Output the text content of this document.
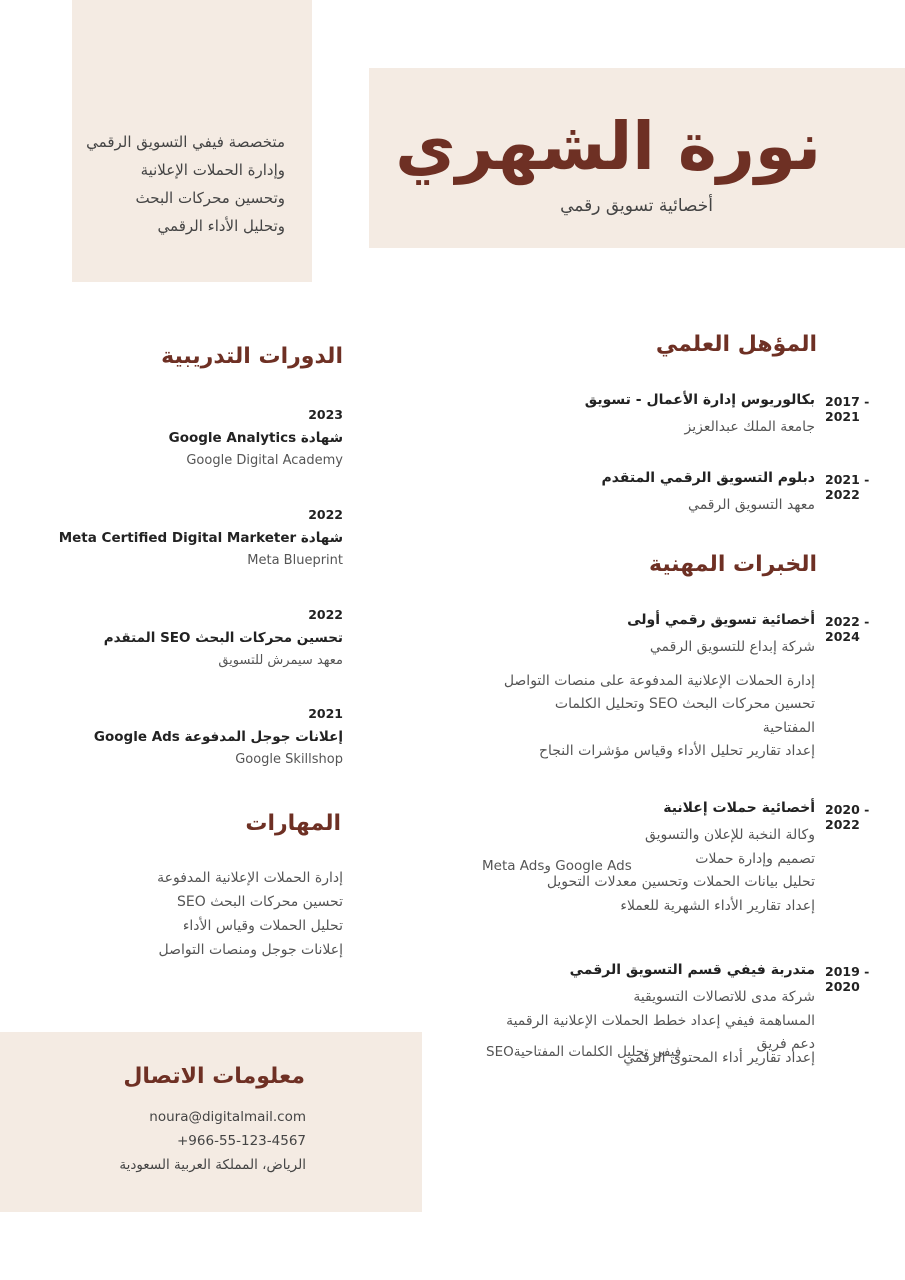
نورة الشهري
أخصائية تسويق رقمي
متخصصة فيفي التسويق الرقمي
وإدارة الحملات الإعلانية
وتحسين محركات البحث
وتحليل الأداء الرقمي
المؤهل العلمي
2017 - 2021
بكالوريوس إدارة الأعمال - تسويق
جامعة الملك عبدالعزيز
2021 - 2022
دبلوم التسويق الرقمي المتقدم
معهد التسويق الرقمي
الخبرات المهنية
2022 - 2024
أخصائية تسويق رقمي أولى
شركة إبداع للتسويق الرقمي
إدارة الحملات الإعلانية المدفوعة على منصات التواصل
تحسين محركات البحث SEO وتحليل الكلمات
المفتاحية
إعداد تقارير تحليل الأداء وقياس مؤشرات النجاح
2020 - 2022
أخصائية حملات إعلانية
وكالة النخبة للإعلان والتسويق
تصميم وإدارة حملات
تحليل بيانات الحملات وتحسين معدلات التحويل
إعداد تقارير الأداء الشهرية للعملاء
Meta Adsو Google Ads
2019 - 2020
متدربة فيفي قسم التسويق الرقمي
شركة مدى للاتصالات التسويقية
المساهمة فيفي إعداد خطط الحملات الإعلانية الرقمية
دعم فريق
إعداد تقارير أداء المحتوى الرقمي
SEOفيفي تحليل الكلمات المفتاحية
الدورات التدريبية
2023
شهادة Google Analytics
Google Digital Academy
2022
شهادة Meta Certified Digital Marketer
Meta Blueprint
2022
تحسين محركات البحث SEO المتقدم
معهد سيمرش للتسويق
2021
إعلانات جوجل المدفوعة Google Ads
Google Skillshop
المهارات
إدارة الحملات الإعلانية المدفوعة
تحسين محركات البحث SEO
تحليل الحملات وقياس الأداء
إعلانات جوجل ومنصات التواصل
معلومات الاتصال
noura@digitalmail.com
+966-55-123-4567
الرياض، المملكة العربية السعودية
